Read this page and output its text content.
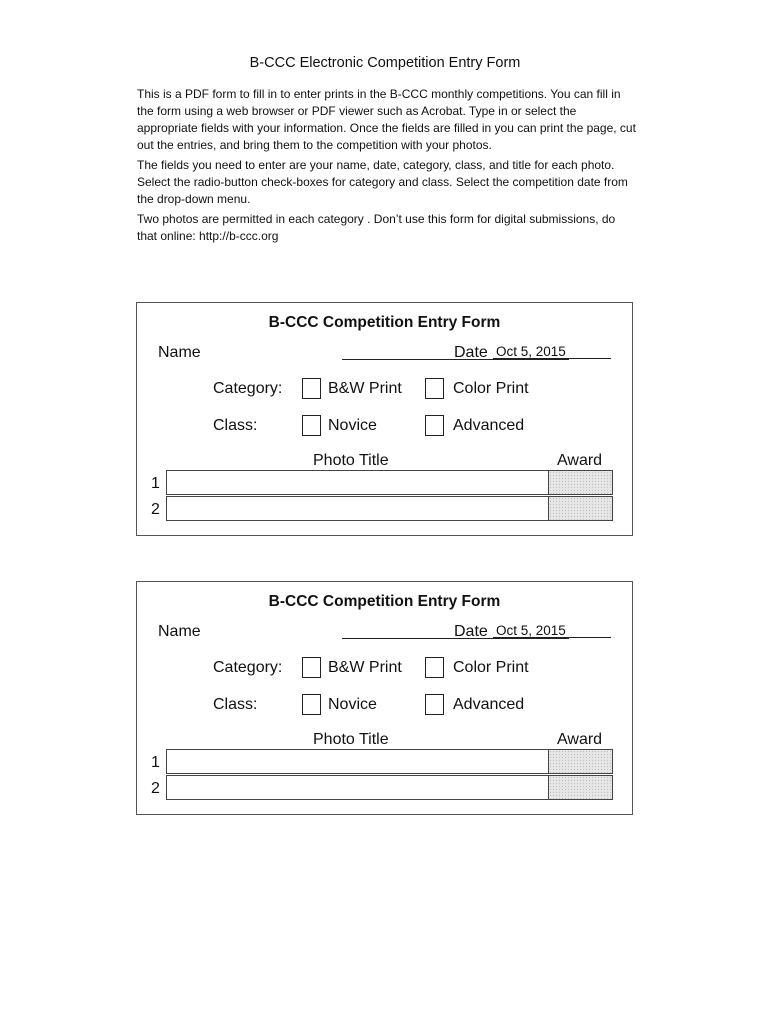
B-CCC Electronic Competition Entry Form

This is a PDF form to fill in to enter prints in the B-CCC monthly competitions. You can fill in the form using a web browser or PDF viewer such as Acrobat. Type in or select the appropriate fields with your information. Once the fields are filled in you can print the page, cut out the entries, and bring them to the competition with your photos.

The fields you need to enter are your name, date, category, class, and title for each photo. Select the radio-button check-boxes for category and class. Select the competition date from the drop-down menu.

Two photos are permitted in each category . Don’t use this form for digital submissions, do that online: http://b-ccc.org

B-CCC Competition Entry Form
Name	Date Oct 5, 2015
Category:	B&W Print	Color Print
Class:	Novice	Advanced
Photo Title	Award
1
2
B-CCC Competition Entry Form
Name	Date Oct 5, 2015
Category:	B&W Print	Color Print
Class:	Novice	Advanced
Photo Title	Award
1
2
